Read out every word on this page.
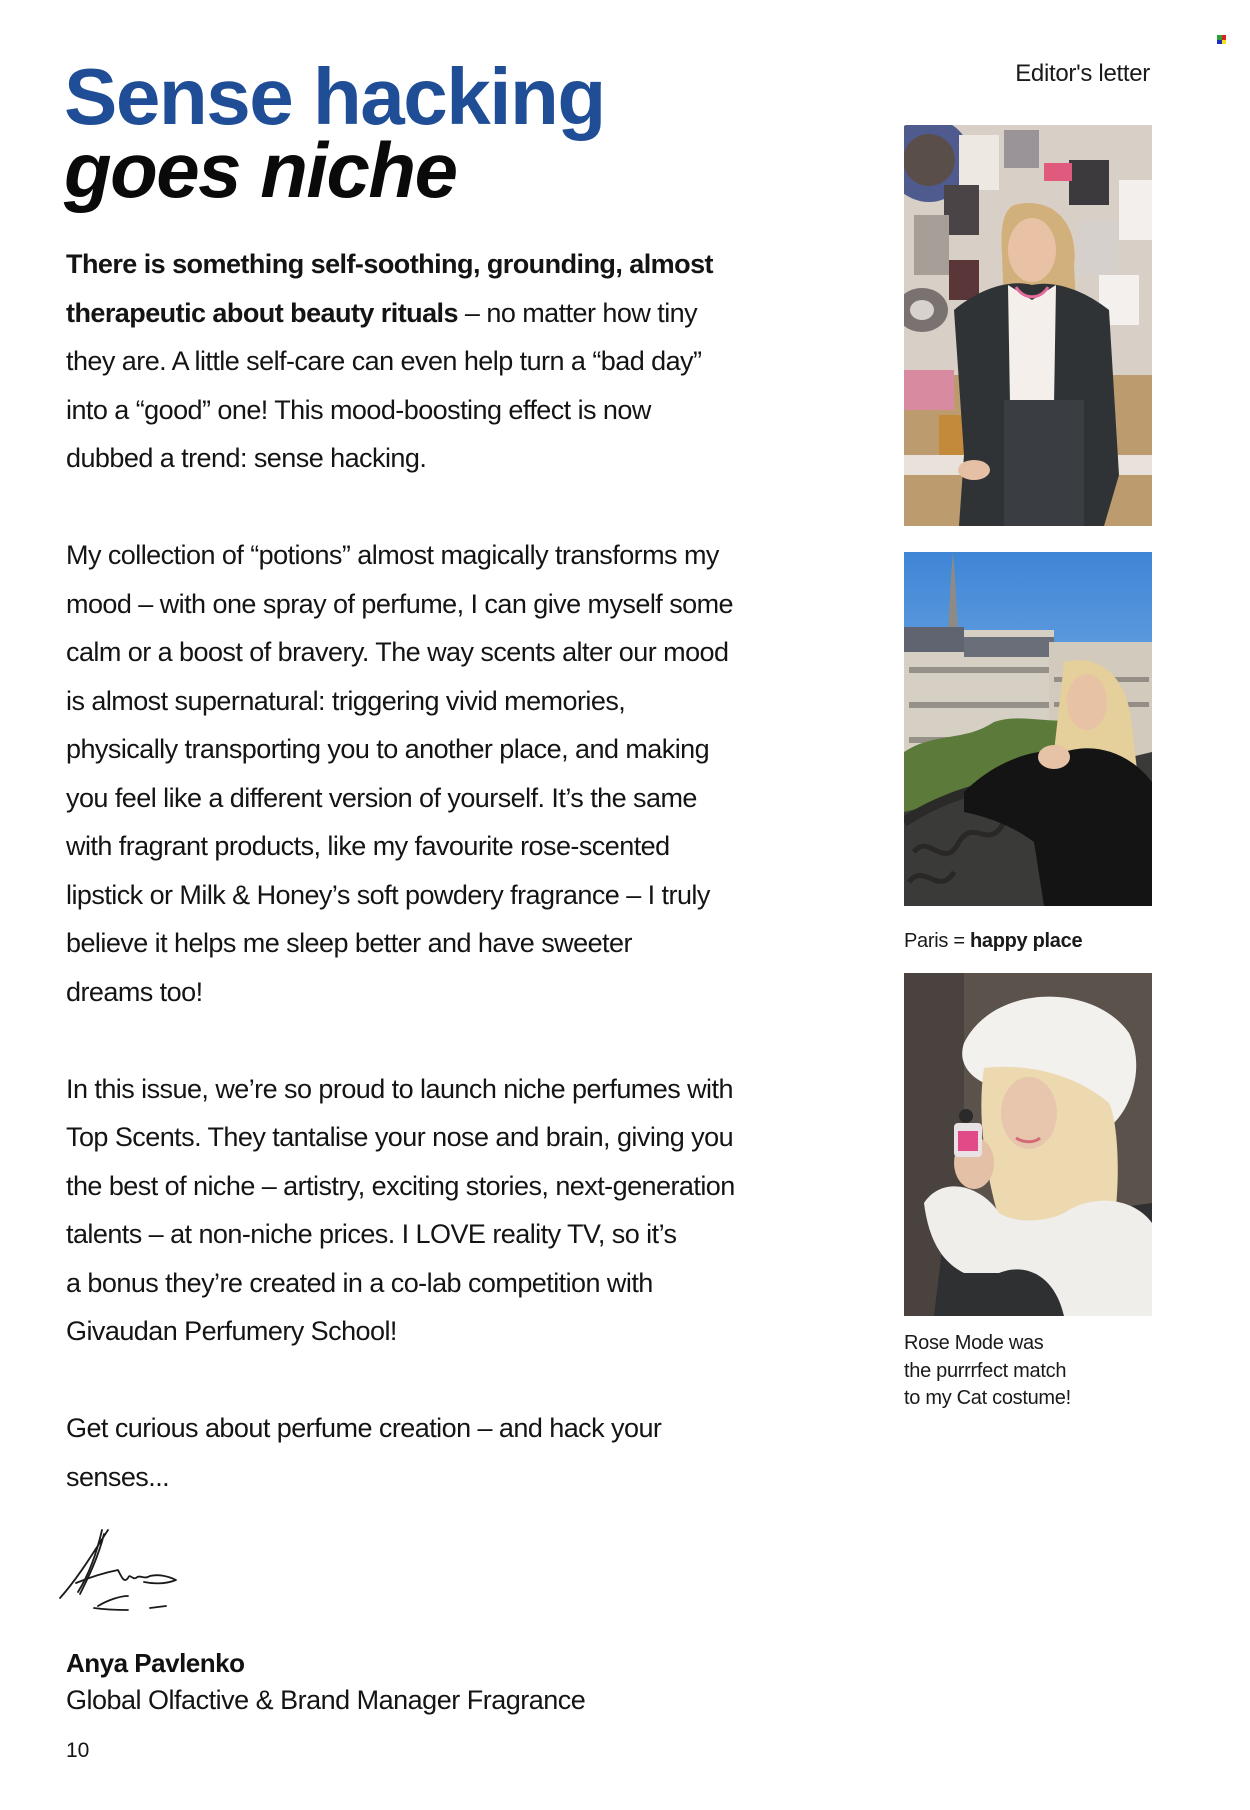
Editor's letter
Sense hacking
goes niche

There is something self-soothing, grounding, almost
therapeutic about beauty rituals – no matter how tiny
they are. A little self-care can even help turn a “bad day”
into a “good” one! This mood-boosting effect is now
dubbed a trend: sense hacking.

My collection of “potions” almost magically transforms my
mood – with one spray of perfume, I can give myself some
calm or a boost of bravery. The way scents alter our mood
is almost supernatural: triggering vivid memories,
physically transporting you to another place, and making
you feel like a different version of yourself. It’s the same
with fragrant products, like my favourite rose-scented
lipstick or Milk & Honey’s soft powdery fragrance – I truly
believe it helps me sleep better and have sweeter
dreams too!

In this issue, we’re so proud to launch niche perfumes with
Top Scents. They tantalise your nose and brain, giving you
the best of niche – artistry, exciting stories, next-generation
talents – at non-niche prices. I LOVE reality TV, so it’s
a bonus they’re created in a co-lab competition with
Givaudan Perfumery School!

Get curious about perfume creation – and hack your
senses...

Anya Pavlenko
Global Olfactive & Brand Manager Fragrance
10
Paris = happy place
Rose Mode was
the purrrfect match
to my Cat costume!
